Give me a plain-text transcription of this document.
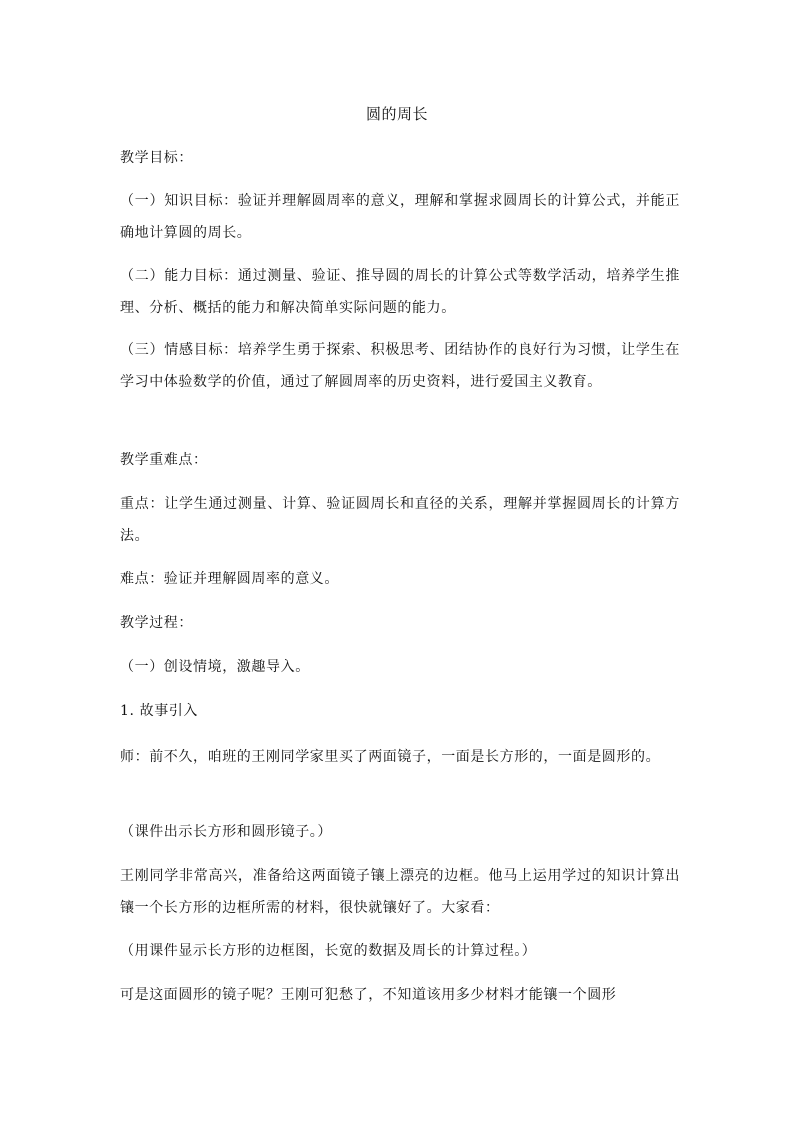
圆的周长

教学目标：

（一）知识目标：验证并理解圆周率的意义，理解和掌握求圆周长的计算公式，并能正确地计算圆的周长。

（二）能力目标：通过测量、验证、推导圆的周长的计算公式等数学活动，培养学生推理、分析、概括的能力和解决简单实际问题的能力。

（三）情感目标：培养学生勇于探索、积极思考、团结协作的良好行为习惯，让学生在学习中体验数学的价值，通过了解圆周率的历史资料，进行爱国主义教育。

教学重难点：

重点：让学生通过测量、计算、验证圆周长和直径的关系，理解并掌握圆周长的计算方法。

难点：验证并理解圆周率的意义。

教学过程：

（一）创设情境，激趣导入。

1. 故事引入

师：前不久，咱班的王刚同学家里买了两面镜子，一面是长方形的，一面是圆形的。

（课件出示长方形和圆形镜子。）

王刚同学非常高兴，准备给这两面镜子镶上漂亮的边框。他马上运用学过的知识计算出镶一个长方形的边框所需的材料，很快就镶好了。大家看：

（用课件显示长方形的边框图，长宽的数据及周长的计算过程。）

可是这面圆形的镜子呢？王刚可犯愁了，不知道该用多少材料才能镶一个圆形
